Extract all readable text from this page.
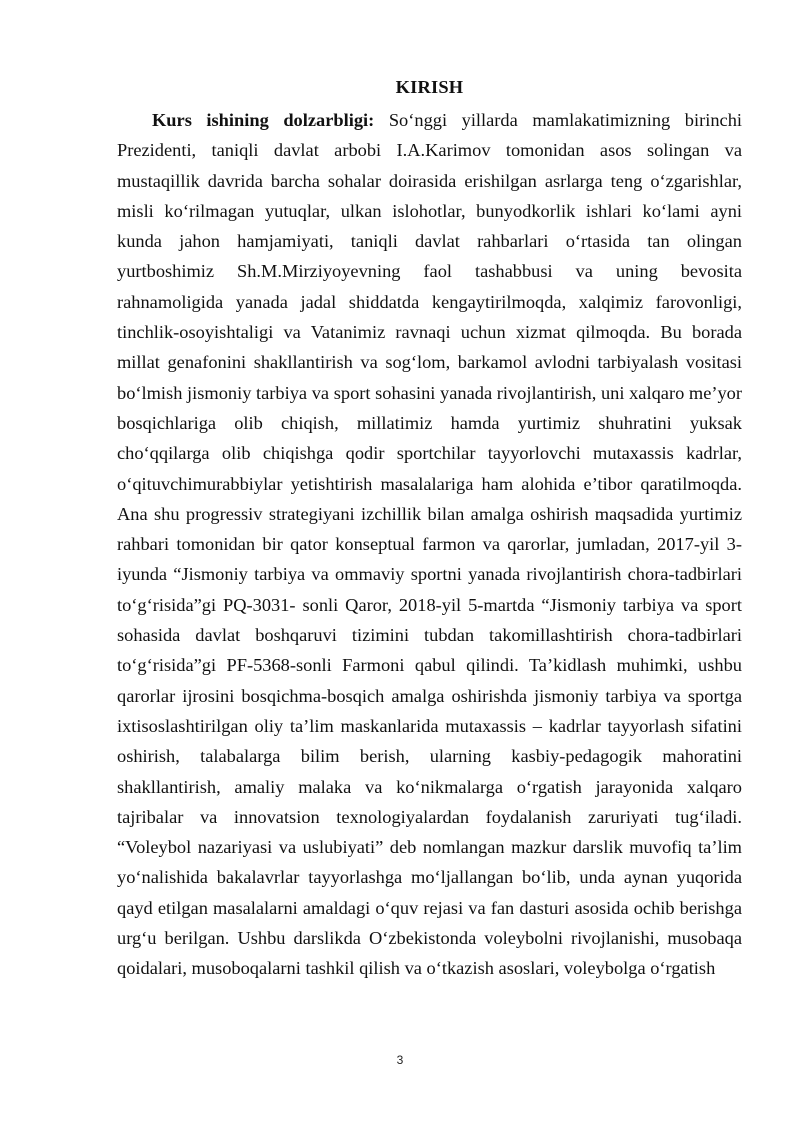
KIRISH

Kurs ishining dolzarbligi: So‘nggi yillarda mamlakatimizning birinchi Prezidenti, taniqli davlat arbobi I.A.Karimov tomonidan asos solingan va mustaqillik davrida barcha sohalar doirasida erishilgan asrlarga teng o‘zgarishlar, misli ko‘rilmagan yutuqlar, ulkan islohotlar, bunyodkorlik ishlari ko‘lami ayni kunda jahon hamjamiyati, taniqli davlat rahbarlari o‘rtasida tan olingan yurtboshimiz Sh.M.Mirziyoyevning faol tashabbusi va uning bevosita rahnamoligida yanada jadal shiddatda kengaytirilmoqda, xalqimiz farovonligi, tinchlik-osoyishtaligi va Vatanimiz ravnaqi uchun xizmat qilmoqda. Bu borada millat genafonini shakllantirish va sog‘lom, barkamol avlodni tarbiyalash vositasi bo‘lmish jismoniy tarbiya va sport sohasini yanada rivojlantirish, uni xalqaro me’yor bosqichlariga olib chiqish, millatimiz hamda yurtimiz shuhratini yuksak cho‘qqilarga olib chiqishga qodir sportchilar tayyorlovchi mutaxassis kadrlar, o‘qituvchimurabbiylar yetishtirish masalalariga ham alohida e’tibor qaratilmoqda. Ana shu progressiv strategiyani izchillik bilan amalga oshirish maqsadida yurtimiz rahbari tomonidan bir qator konseptual farmon va qarorlar, jumladan, 2017-yil 3-iyunda “Jismoniy tarbiya va ommaviy sportni yanada rivojlantirish chora-tadbirlari to‘g‘risida”gi PQ-3031- sonli Qaror, 2018-yil 5-martda “Jismoniy tarbiya va sport sohasida davlat boshqaruvi tizimini tubdan takomillashtirish chora-tadbirlari to‘g‘risida”gi PF-5368-sonli Farmoni qabul qilindi. Ta’kidlash muhimki, ushbu qarorlar ijrosini bosqichma-bosqich amalga oshirishda jismoniy tarbiya va sportga ixtisoslashtirilgan oliy ta’lim maskanlarida mutaxassis – kadrlar tayyorlash sifatini oshirish, talabalarga bilim berish, ularning kasbiy-pedagogik mahoratini shakllantirish, amaliy malaka va ko‘nikmalarga o‘rgatish jarayonida xalqaro tajribalar va innovatsion texnologiyalardan foydalanish zaruriyati tug‘iladi. “Voleybol nazariyasi va uslubiyati” deb nomlangan mazkur darslik muvofiq ta’lim yo‘nalishida bakalavrlar tayyorlashga mo‘ljallangan bo‘lib, unda aynan yuqorida qayd etilgan masalalarni amaldagi o‘quv rejasi va fan dasturi asosida ochib berishga urg‘u berilgan. Ushbu darslikda O‘zbekistonda voleybolni rivojlanishi, musobaqa qoidalari, musoboqalarni tashkil qilish va o‘tkazish asoslari, voleybolga o‘rgatish

3
